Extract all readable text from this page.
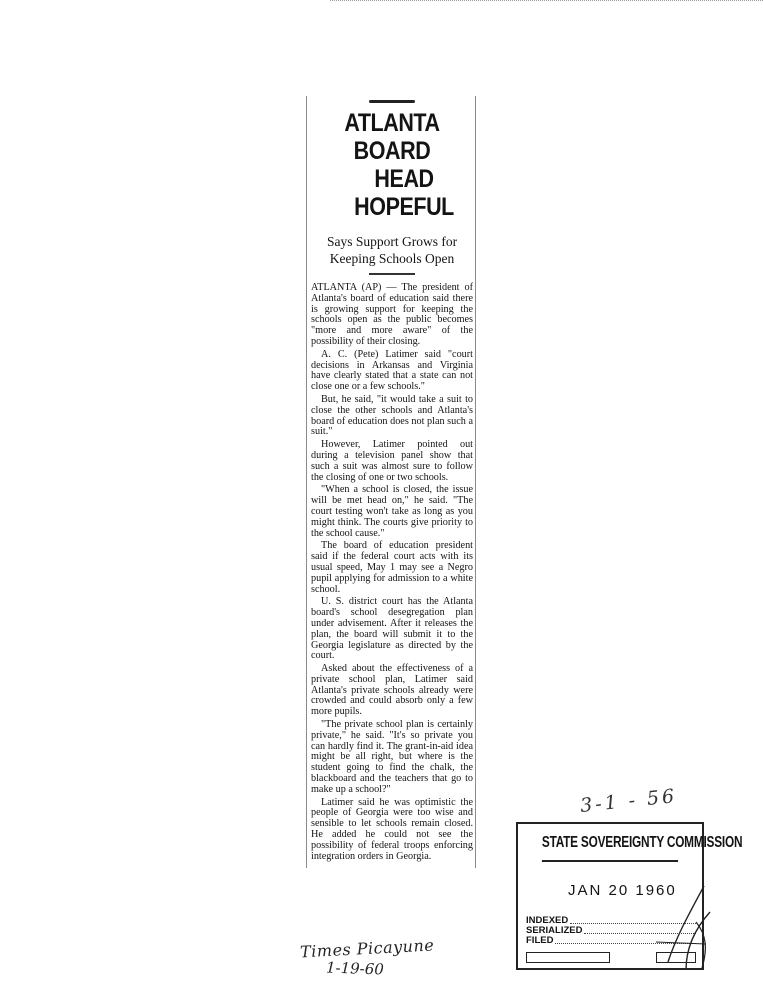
ATLANTA BOARD
HEAD HOPEFUL
Says Support Grows for
Keeping Schools Open

ATLANTA (AP) — The president of Atlanta's board of education said there is growing support for keeping the schools open as the public becomes "more and more aware" of the possibility of their closing.

A. C. (Pete) Latimer said "court decisions in Arkansas and Virginia have clearly stated that a state can not close one or a few schools."

But, he said, "it would take a suit to close the other schools and Atlanta's board of education does not plan such a suit."

However, Latimer pointed out during a television panel show that such a suit was almost sure to follow the closing of one or two schools.

"When a school is closed, the issue will be met head on," he said. "The court testing won't take as long as you might think. The courts give priority to the school cause."

The board of education president said if the federal court acts with its usual speed, May 1 may see a Negro pupil applying for admission to a white school.

U. S. district court has the Atlanta board's school desegregation plan under advisement. After it releases the plan, the board will submit it to the Georgia legislature as directed by the court.

Asked about the effectiveness of a private school plan, Latimer said Atlanta's private schools already were crowded and could absorb only a few more pupils.

"The private school plan is certainly private," he said. "It's so private you can hardly find it. The grant-in-aid idea might be all right, but where is the student going to find the chalk, the blackboard and the teachers that go to make up a school?"

Latimer said he was optimistic the people of Georgia were too wise and sensible to let schools remain closed. He added he could not see the possibility of federal troops enforcing integration orders in Georgia.

Times Picayune
1-19-60
3-1 - 56
STATE SOVEREIGNTY COMMISSION
JAN 20 1960
INDEXED
SERIALIZED
FILED
